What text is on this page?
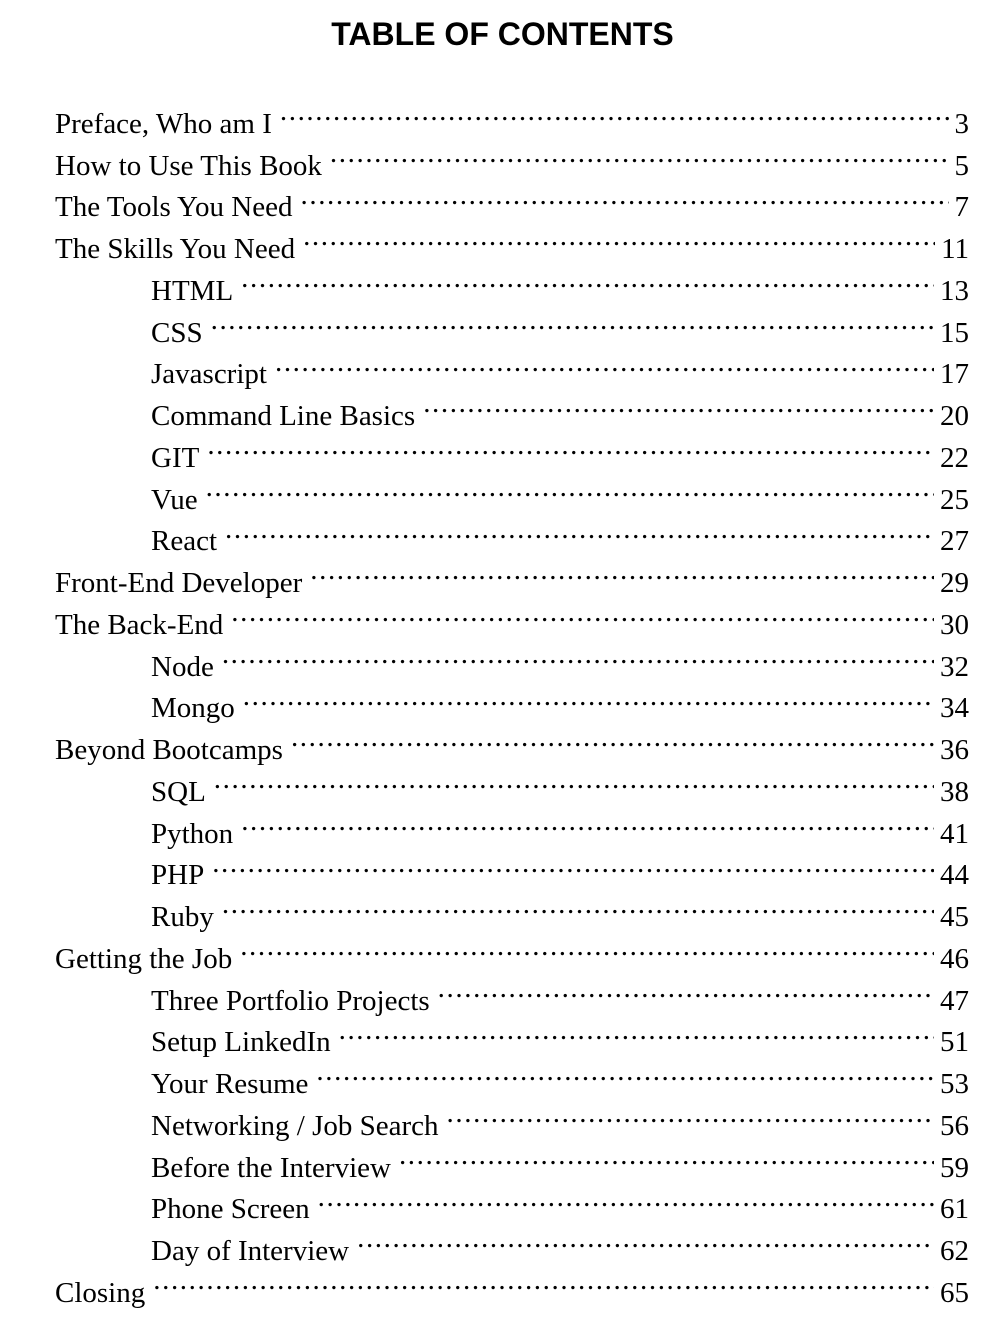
TABLE OF CONTENTS
Preface, Who am I .....	3
How to Use This Book .....	5
The Tools You Need .....	7
The Skills You Need .....	11
HTML .....	13
CSS .....	15
Javascript .....	17
Command Line Basics .....	20
GIT .....	22
Vue .....	25
React .....	27
Front-End Developer .....	29
The Back-End .....	30
Node .....	32
Mongo .....	34
Beyond Bootcamps .....	36
SQL .....	38
Python .....	41
PHP .....	44
Ruby .....	45
Getting the Job .....	46
Three Portfolio Projects .....	47
Setup LinkedIn .....	51
Your Resume .....	53
Networking / Job Search .....	56
Before the Interview .....	59
Phone Screen .....	61
Day of Interview .....	62
Closing .....	65
